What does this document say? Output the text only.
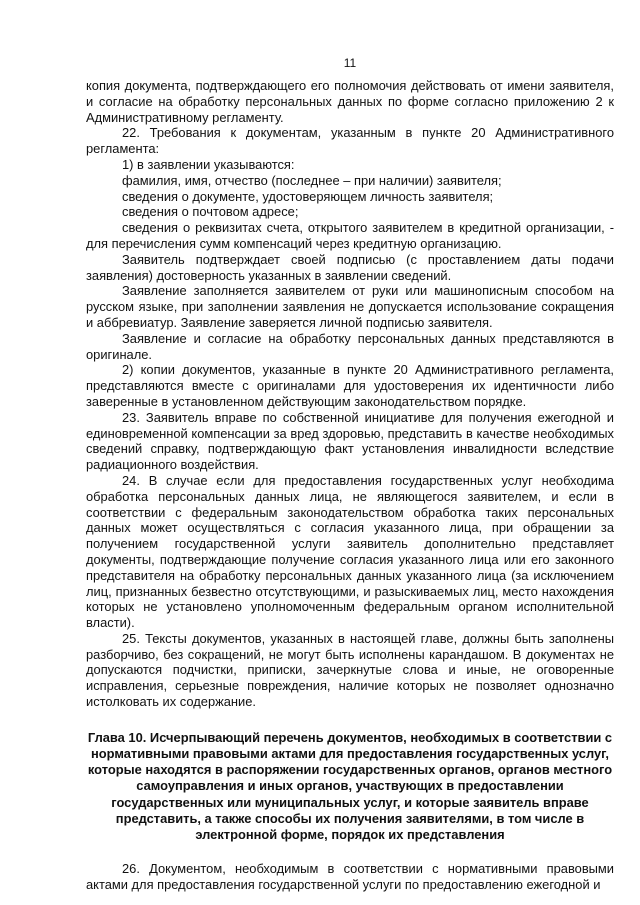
11

копия документа, подтверждающего его полномочия действовать от имени заявителя, и согласие на обработку персональных данных по форме согласно приложению 2 к Административному регламенту.

22. Требования к документам, указанным в пункте 20 Административного регламента:

1) в заявлении указываются:

фамилия, имя, отчество (последнее – при наличии) заявителя;

сведения о документе, удостоверяющем личность заявителя;

сведения о почтовом адресе;

сведения о реквизитах счета, открытого заявителем в кредитной организации, - для перечисления сумм компенсаций через кредитную организацию.

Заявитель подтверждает своей подписью (с проставлением даты подачи заявления) достоверность указанных в заявлении сведений.

Заявление заполняется заявителем от руки или машинописным способом на русском языке, при заполнении заявления не допускается использование сокращения и аббревиатур. Заявление заверяется личной подписью заявителя.

Заявление и согласие на обработку персональных данных представляются в оригинале.

2) копии документов, указанные в пункте 20 Административного регламента, представляются вместе с оригиналами для удостоверения их идентичности либо заверенные в установленном действующим законодательством порядке.

23. Заявитель вправе по собственной инициативе для получения ежегодной и единовременной компенсации за вред здоровью, представить в качестве необходимых сведений справку, подтверждающую факт установления инвалидности вследствие радиационного воздействия.

24. В случае если для предоставления государственных услуг необходима обработка персональных данных лица, не являющегося заявителем, и если в соответствии с федеральным законодательством обработка таких персональных данных может осуществляться с согласия указанного лица, при обращении за получением государственной услуги заявитель дополнительно представляет документы, подтверждающие получение согласия указанного лица или его законного представителя на обработку персональных данных указанного лица (за исключением лиц, признанных безвестно отсутствующими, и разыскиваемых лиц, место нахождения которых не установлено уполномоченным федеральным органом исполнительной власти).

25. Тексты документов, указанных в настоящей главе, должны быть заполнены разборчиво, без сокращений, не могут быть исполнены карандашом. В документах не допускаются подчистки, приписки, зачеркнутые слова и иные, не оговоренные исправления, серьезные повреждения, наличие которых не позволяет однозначно истолковать их содержание.

Глава 10. Исчерпывающий перечень документов, необходимых в соответствии с нормативными правовыми актами для предоставления государственных услуг, которые находятся в распоряжении государственных органов, органов местного самоуправления и иных органов, участвующих в предоставлении государственных или муниципальных услуг, и которые заявитель вправе представить, а также способы их получения заявителями, в том числе в электронной форме, порядок их представления

26. Документом, необходимым в соответствии с нормативными правовыми актами для предоставления государственной услуги по предоставлению ежегодной и
